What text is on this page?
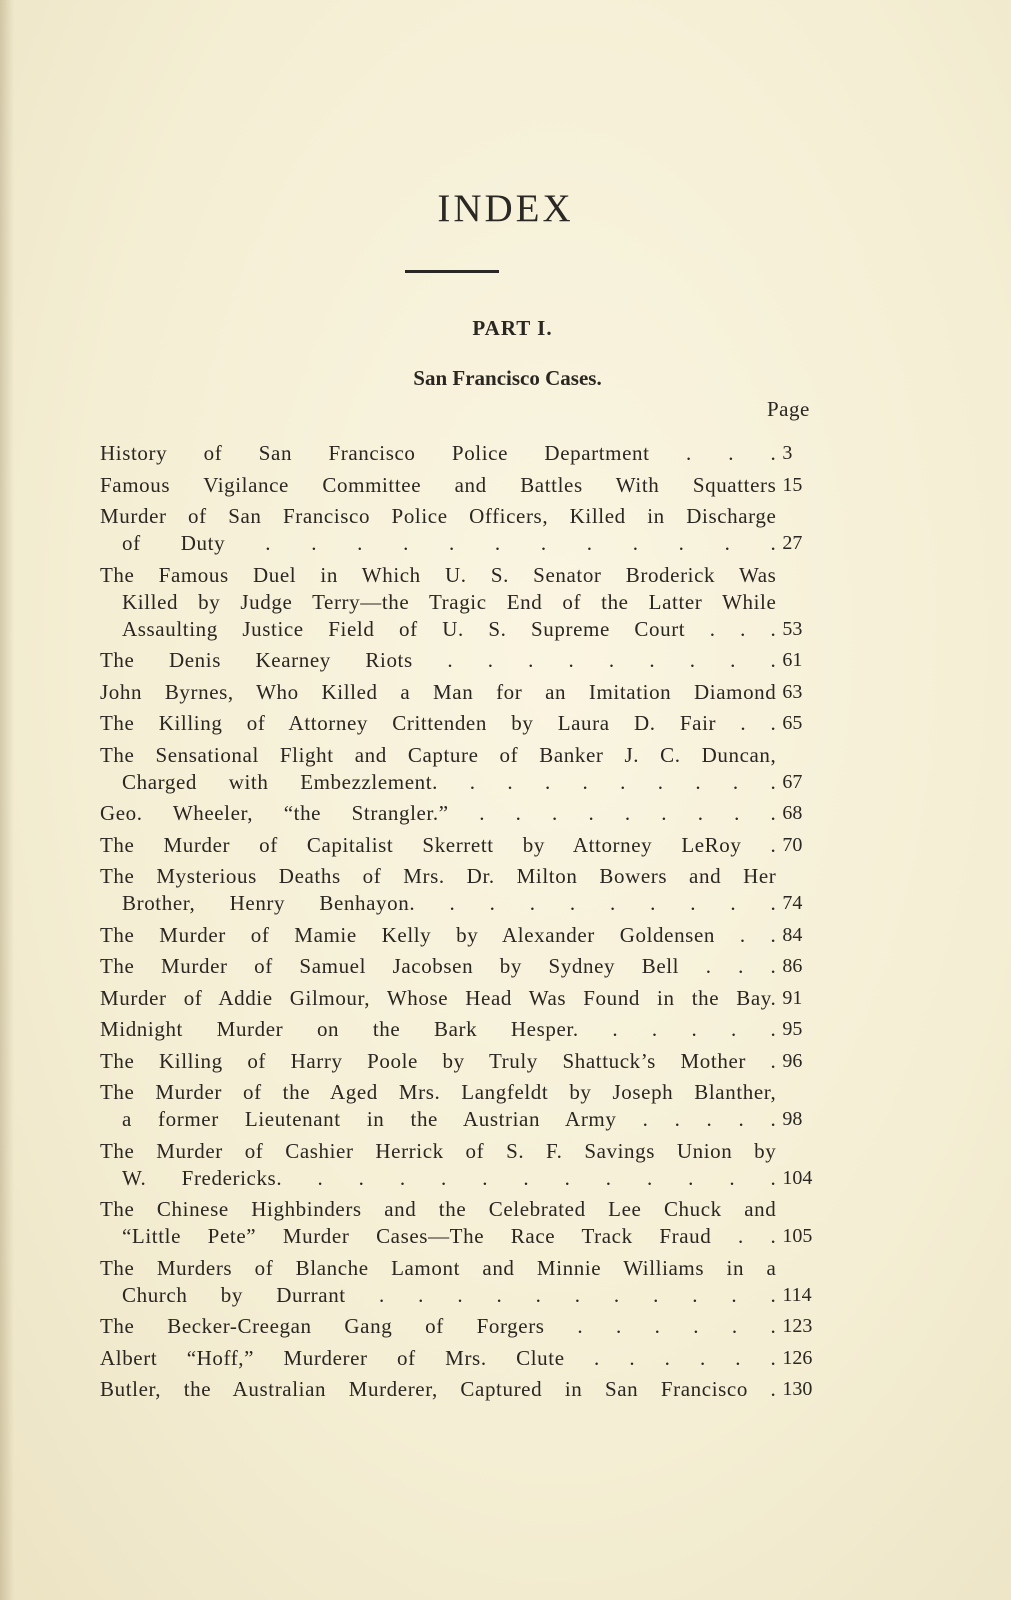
INDEX
PART I.
San Francisco Cases.
Page
History of San Francisco Police Department . . . 3
Famous Vigilance Committee and Battles With Squatters 15
Murder of San Francisco Police Officers, Killed in Discharge
of Duty . . . . . . . . . . . . 27
The Famous Duel in Which U. S. Senator Broderick Was
Killed by Judge Terry—the Tragic End of the Latter While
Assaulting Justice Field of U. S. Supreme Court . . . 53
The Denis Kearney Riots . . . . . . . . . 61
John Byrnes, Who Killed a Man for an Imitation Diamond 63
The Killing of Attorney Crittenden by Laura D. Fair . . 65
The Sensational Flight and Capture of Banker J. C. Duncan,
Charged with Embezzlement. . . . . . . . . . 67
Geo. Wheeler, “the Strangler.” . . . . . . . . . 68
The Murder of Capitalist Skerrett by Attorney LeRoy . 70
The Mysterious Deaths of Mrs. Dr. Milton Bowers and Her
Brother, Henry Benhayon. . . . . . . . . . 74
The Murder of Mamie Kelly by Alexander Goldensen . . 84
The Murder of Samuel Jacobsen by Sydney Bell . . . 86
Murder of Addie Gilmour, Whose Head Was Found in the Bay. 91
Midnight Murder on the Bark Hesper. . . . . . 95
The Killing of Harry Poole by Truly Shattuck’s Mother . 96
The Murder of the Aged Mrs. Langfeldt by Joseph Blanther,
a former Lieutenant in the Austrian Army . . . . . 98
The Murder of Cashier Herrick of S. F. Savings Union by
W. Fredericks. . . . . . . . . . . . . 104
The Chinese Highbinders and the Celebrated Lee Chuck and
“Little Pete” Murder Cases—The Race Track Fraud . . 105
The Murders of Blanche Lamont and Minnie Williams in a
Church by Durrant . . . . . . . . . . . 114
The Becker-Creegan Gang of Forgers . . . . . . 123
Albert “Hoff,” Murderer of Mrs. Clute . . . . . . 126
Butler, the Australian Murderer, Captured in San Francisco . 130
